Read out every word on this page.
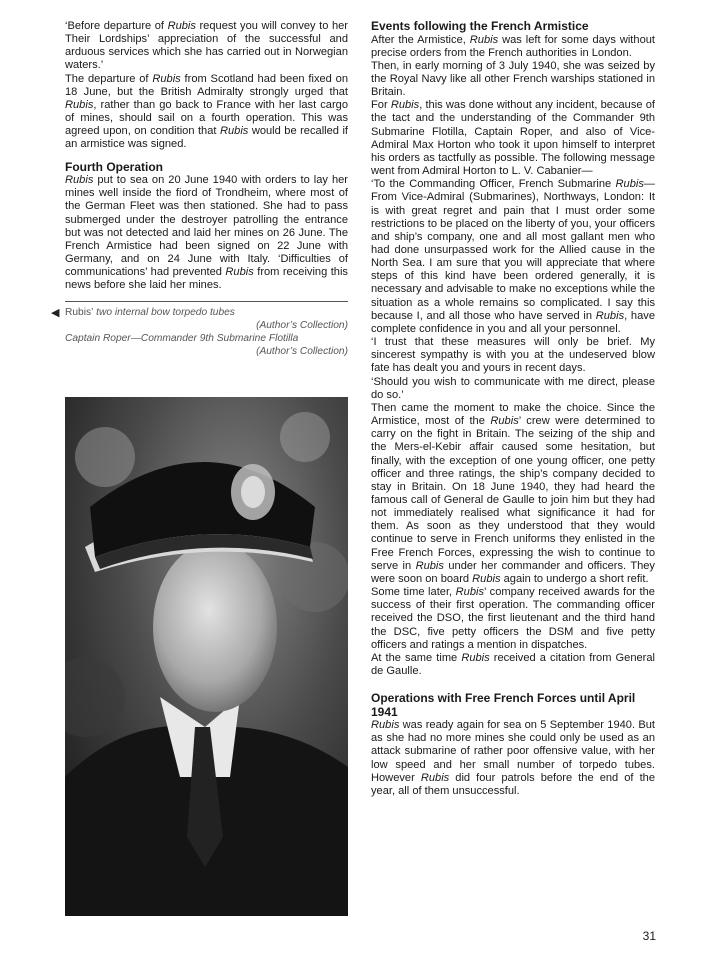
‘Before departure of Rubis request you will convey to her Their Lordships’ appreciation of the successful and arduous services which she has carried out in Norwegian waters.’

The departure of Rubis from Scotland had been fixed on 18 June, but the British Admiralty strongly urged that Rubis, rather than go back to France with her last cargo of mines, should sail on a fourth operation. This was agreed upon, on condition that Rubis would be recalled if an armistice was signed.

Fourth Operation

Rubis put to sea on 20 June 1940 with orders to lay her mines well inside the fiord of Trondheim, where most of the German Fleet was then stationed. She had to pass submerged under the destroyer patrolling the entrance but was not detected and laid her mines on 26 June. The French Armistice had been signed on 22 June with Germany, and on 24 June with Italy. ‘Difficulties of communications’ had prevented Rubis from receiving this news before she laid her mines.

◀ Rubis’ two internal bow torpedo tubes
(Author’s Collection)
Captain Roper—Commander 9th Submarine Flotilla
(Author’s Collection)
Events following the French Armistice

After the Armistice, Rubis was left for some days without precise orders from the French authorities in London.

Then, in early morning of 3 July 1940, she was seized by the Royal Navy like all other French warships stationed in Britain.

For Rubis, this was done without any incident, because of the tact and the understanding of the Commander 9th Submarine Flotilla, Captain Roper, and also of Vice-Admiral Max Horton who took it upon himself to interpret his orders as tactfully as possible. The following message went from Admiral Horton to L. V. Cabanier—

‘To the Commanding Officer, French Submarine Rubis—From Vice-Admiral (Submarines), Northways, London: It is with great regret and pain that I must order some restrictions to be placed on the liberty of you, your officers and ship’s company, one and all most gallant men who had done unsurpassed work for the Allied cause in the North Sea. I am sure that you will appreciate that where steps of this kind have been ordered generally, it is necessary and advisable to make no exceptions while the situation as a whole remains so complicated. I say this because I, and all those who have served in Rubis, have complete confidence in you and all your personnel.

‘I trust that these measures will only be brief. My sincerest sympathy is with you at the undeserved blow fate has dealt you and yours in recent days.

‘Should you wish to communicate with me direct, please do so.’

Then came the moment to make the choice. Since the Armistice, most of the Rubis’ crew were determined to carry on the fight in Britain. The seizing of the ship and the Mers-el-Kebir affair caused some hesitation, but finally, with the exception of one young officer, one petty officer and three ratings, the ship’s company decided to stay in Britain. On 18 June 1940, they had heard the famous call of General de Gaulle to join him but they had not immediately realised what significance it had for them. As soon as they understood that they would continue to serve in French uniforms they enlisted in the Free French Forces, expressing the wish to continue to serve in Rubis under her commander and officers. They were soon on board Rubis again to undergo a short refit.

Some time later, Rubis’ company received awards for the success of their first operation. The commanding officer received the DSO, the first lieutenant and the third hand the DSC, five petty officers the DSM and five petty officers and ratings a mention in dispatches.

At the same time Rubis received a citation from General de Gaulle.

Operations with Free French Forces until April 1941

Rubis was ready again for sea on 5 September 1940. But as she had no more mines she could only be used as an attack submarine of rather poor offensive value, with her low speed and her small number of torpedo tubes. However Rubis did four patrols before the end of the year, all of them unsuccessful.

31
